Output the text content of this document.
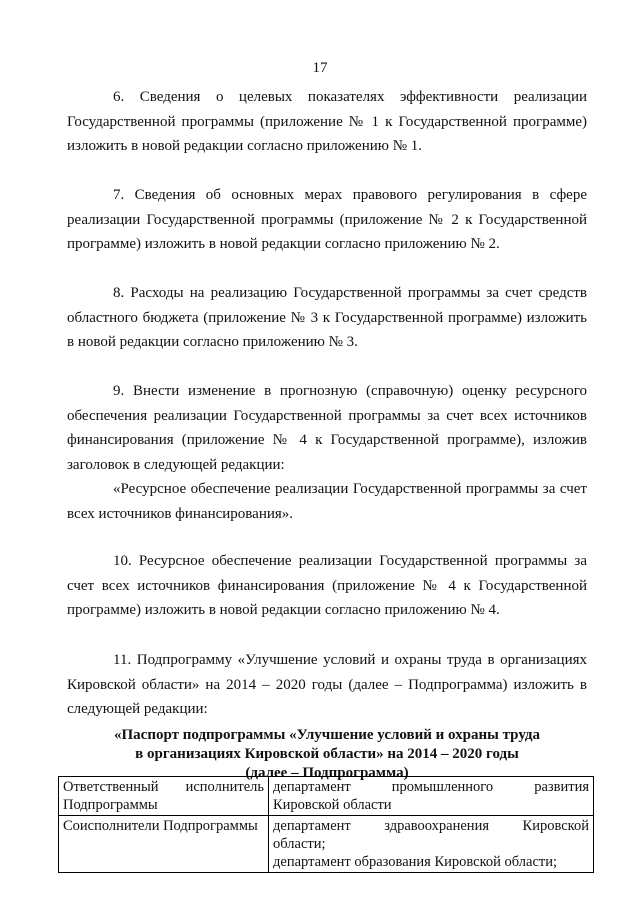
17

6. Сведения о целевых показателях эффективности реализации Государственной программы (приложение № 1 к Государственной программе) изложить в новой редакции согласно приложению № 1.

7. Сведения об основных мерах правового регулирования в сфере реализации Государственной программы (приложение № 2 к Государственной программе) изложить в новой редакции согласно приложению № 2.

8. Расходы на реализацию Государственной программы за счет средств областного бюджета (приложение № 3 к Государственной программе) изложить в новой редакции согласно приложению № 3.

9. Внести изменение в прогнозную (справочную) оценку ресурсного обеспечения реализации Государственной программы за счет всех источников финансирования (приложение № 4 к Государственной программе), изложив заголовок в следующей редакции:

«Ресурсное обеспечение реализации Государственной программы за счет всех источников финансирования».

10. Ресурсное обеспечение реализации Государственной программы за счет всех источников финансирования (приложение № 4 к Государственной программе) изложить в новой редакции согласно приложению № 4.

11. Подпрограмму «Улучшение условий и охраны труда в организациях Кировской области» на 2014 – 2020 годы (далее – Подпрограмма) изложить в следующей редакции:

«Паспорт подпрограммы «Улучшение условий и охраны труда
в организациях Кировской области» на 2014 – 2020 годы
(далее – Подпрограмма)
Ответственный исполнитель Подпрограммы	департамент промышленного развития
Кировской области

Соисполнители Подпрограммы	департамент здравоохранения Кировской
области;
департамент образования Кировской области;
